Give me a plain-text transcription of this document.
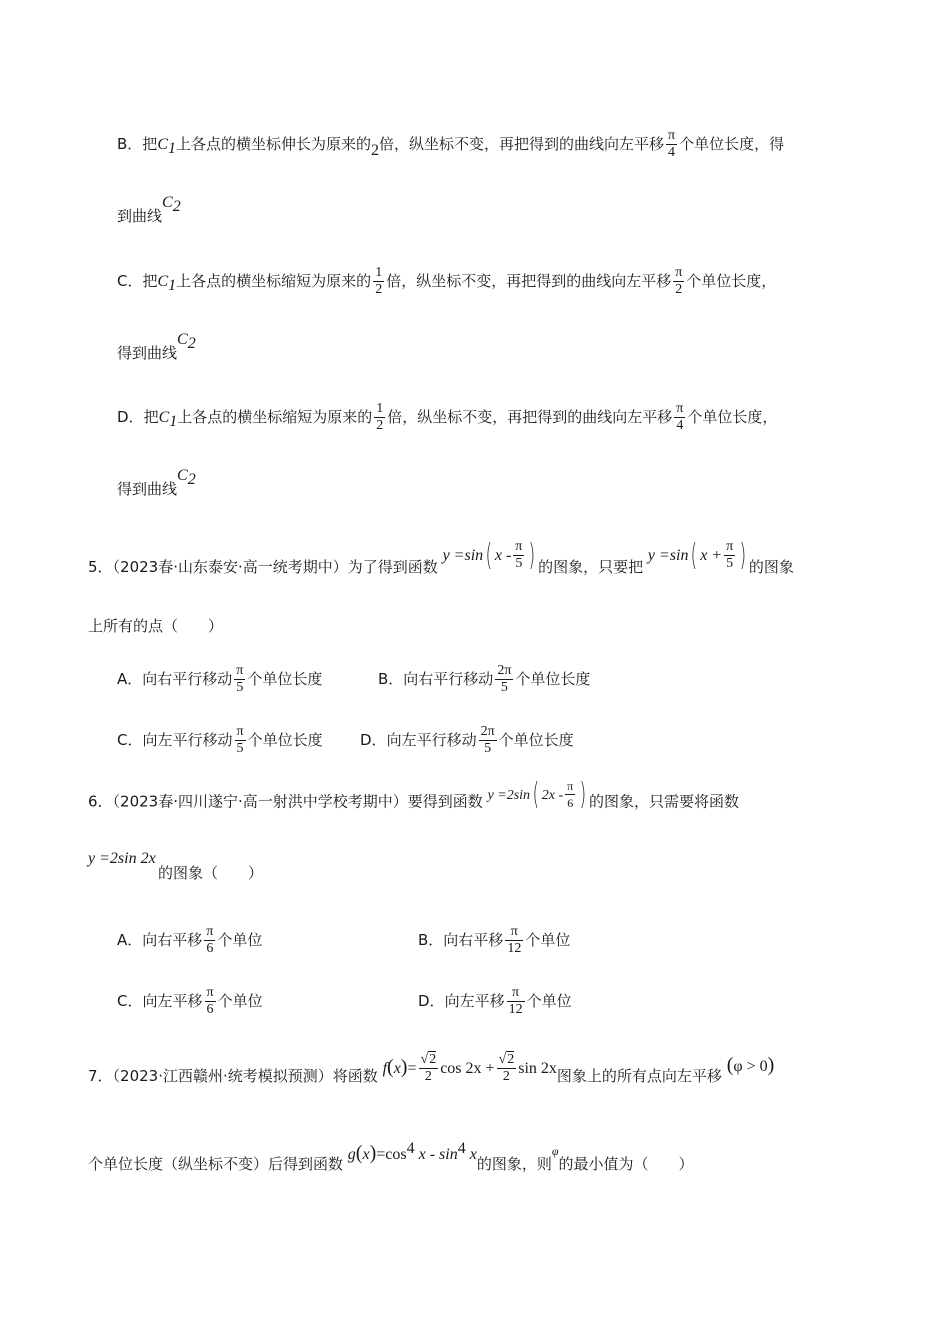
B．把$C_1$上各点的横坐标伸长为原来的2倍，纵坐标不变，再把得到的曲线向左平移 $\frac{\pi}{4}$ 个单位长度，得
到曲线$C_2$
C．把$C_1$上各点的横坐标缩短为原来的 $\frac{1}{2}$ 倍，纵坐标不变，再把得到的曲线向左平移 $\frac{\pi}{2}$ 个单位长度，
得到曲线$C_2$
D．把$C_1$上各点的横坐标缩短为原来的 $\frac{1}{2}$ 倍，纵坐标不变，再把得到的曲线向左平移 $\frac{\pi}{4}$ 个单位长度，
得到曲线$C_2$
5．（2023春·山东泰安·高一统考期中）为了得到函数 y =sin( x - $\frac{\pi}{5}$ ) 的图象，只要把 y =sin( $x + \frac{\pi}{5}$ ) 的图象
上所有的点（　　）
A．向右平行移动 $\frac{\pi}{5}$ 个单位长度	B．向右平行移动 $\frac{2\pi}{5}$ 个单位长度
C．向左平行移动 $\frac{\pi}{5}$ 个单位长度 D．向左平行移动 $\frac{2\pi}{5}$ 个单位长度
6．（2023春·四川遂宁·高一射洪中学校考期中）要得到函数 y =2sin( $2x - \frac{\pi}{6}$ ) 的图象，只需要将函数
y =2sin 2x
的图象（　　）
A．向右平移 $\frac{\pi}{6}$ 个单位	B．向右平移 $\frac{\pi}{12}$ 个单位
C．向左平移 $\frac{\pi}{6}$ 个单位	D．向左平移 $\frac{\pi}{12}$ 个单位
7．（2023·江西赣州·统考模拟预测）将函数 $f(x)= \frac{√2}{2}$ $\cos 2x + \frac{√2}{2}$ sin 2x图象上的所有点向左平移 (φ > 0)
个单位长度（纵坐标不变）后得到函数 $g(x)=\cos^4$ x - $\sin^4 x$的图象，则$^\varphi$的最小值为（　　）
